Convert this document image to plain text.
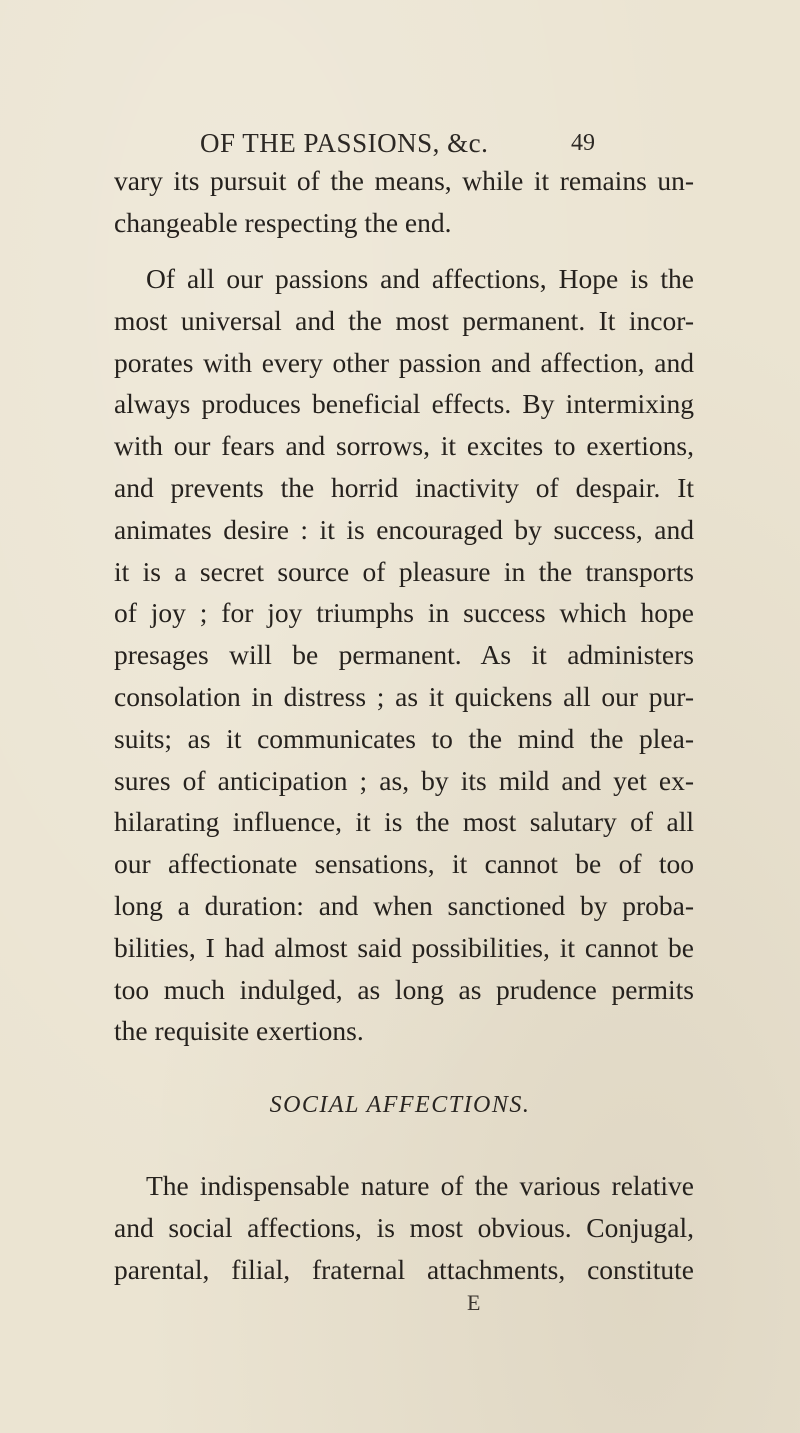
OF THE PASSIONS, &c.	49
vary its pursuit of the means, while it remains un-
changeable respecting the end.
Of all our passions and affections, Hope is the
most universal and the most permanent. It incor-
porates with every other passion and affection, and
always produces beneficial effects. By intermixing
with our fears and sorrows, it excites to exertions,
and prevents the horrid inactivity of despair. It
animates desire : it is encouraged by success, and
it is a secret source of pleasure in the transports
of joy ; for joy triumphs in success which hope
presages will be permanent. As it administers
consolation in distress ; as it quickens all our pur-
suits; as it communicates to the mind the plea-
sures of anticipation ; as, by its mild and yet ex-
hilarating influence, it is the most salutary of all
our affectionate sensations, it cannot be of too
long a duration: and when sanctioned by proba-
bilities, I had almost said possibilities, it cannot be
too much indulged, as long as prudence permits
the requisite exertions.
SOCIAL AFFECTIONS.
The indispensable nature of the various relative
and social affections, is most obvious. Conjugal,
parental, filial, fraternal attachments, constitute
E
